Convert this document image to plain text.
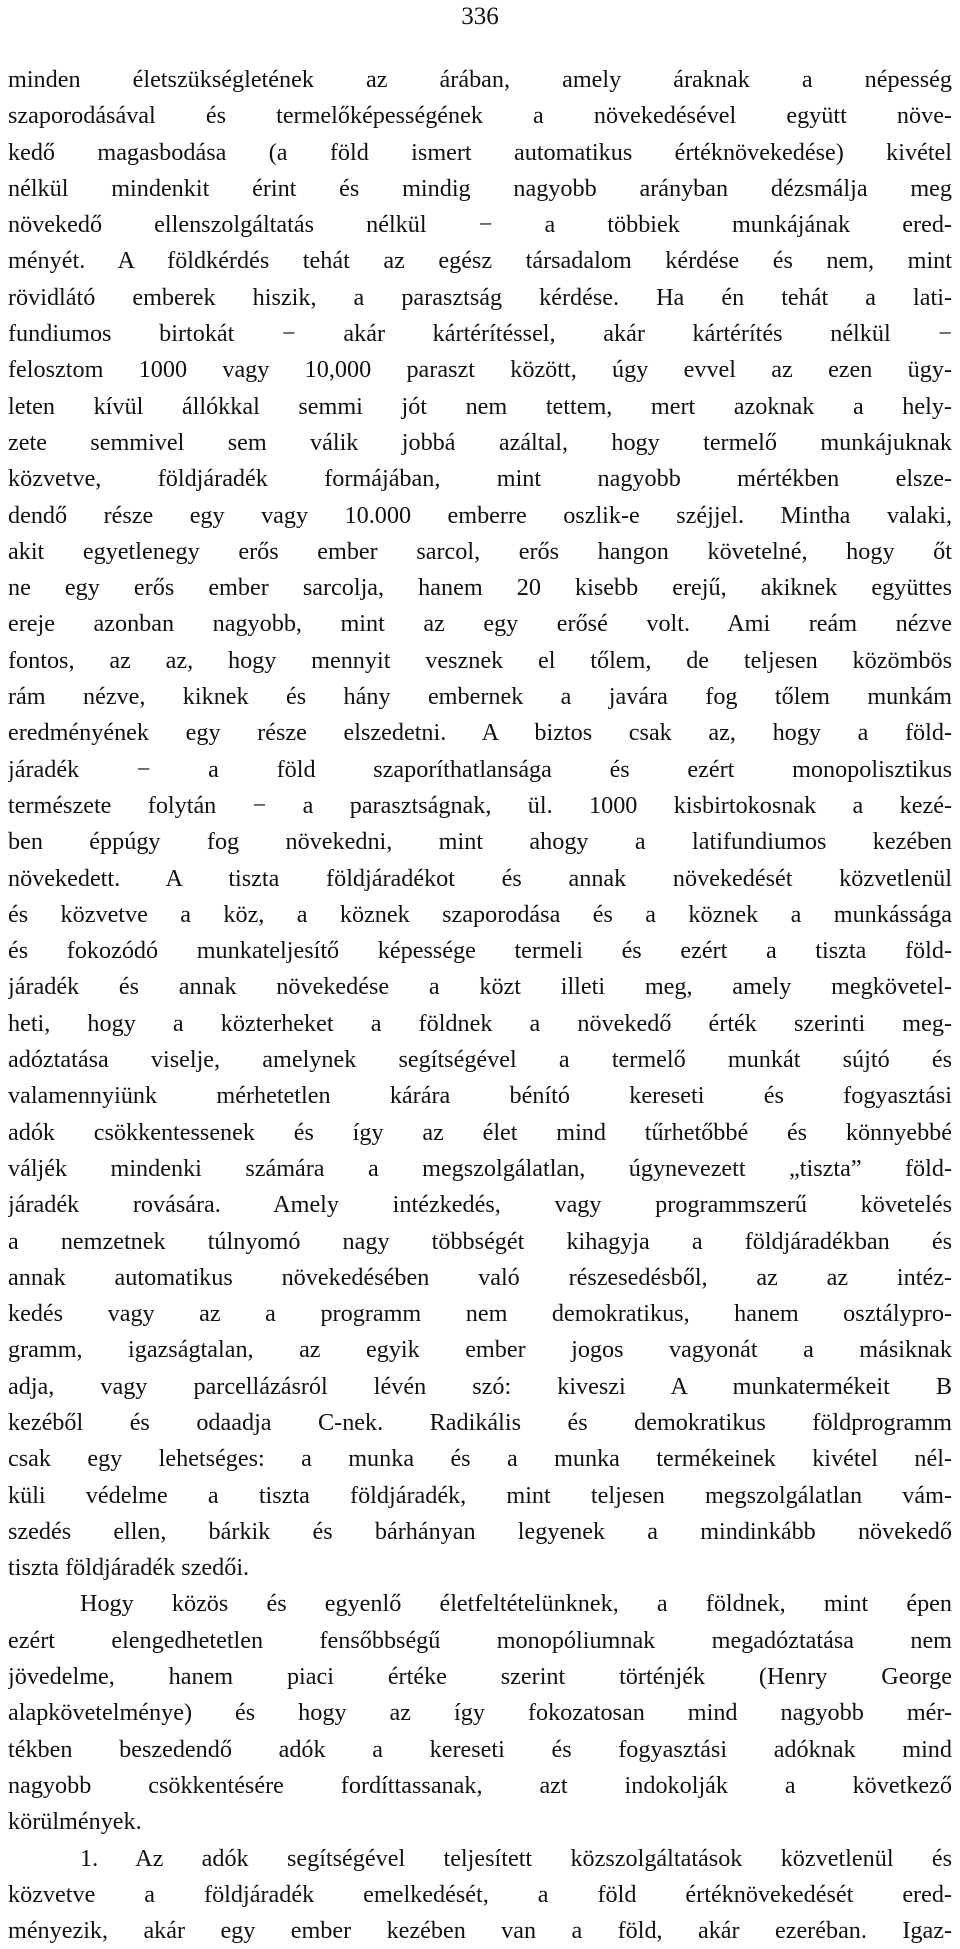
336
minden életszükségletének az árában, amely áraknak a népesség
szaporodásával és termelőképességének a növekedésével együtt növe-
kedő magasbodása (a föld ismert automatikus értéknövekedése) kivétel
nélkül mindenkit érint és mindig nagyobb arányban dézsmálja meg
növekedő ellenszolgáltatás nélkül − a többiek munkájának ered-
ményét. A földkérdés tehát az egész társadalom kérdése és nem, mint
rövidlátó emberek hiszik, a parasztság kérdése. Ha én tehát a lati-
fundiumos birtokát − akár kártérítéssel, akár kártérítés nélkül −
felosztom 1000 vagy 10,000 paraszt között, úgy evvel az ezen ügy-
leten kívül állókkal semmi jót nem tettem, mert azoknak a hely-
zete semmivel sem válik jobbá azáltal, hogy termelő munkájuknak
közvetve, földjáradék formájában, mint nagyobb mértékben elsze-
dendő része egy vagy 10.000 emberre oszlik-e széjjel. Mintha valaki,
akit egyetlenegy erős ember sarcol, erős hangon követelné, hogy őt
ne egy erős ember sarcolja, hanem 20 kisebb erejű, akiknek együttes
ereje azonban nagyobb, mint az egy erősé volt. Ami reám nézve
fontos, az az, hogy mennyit vesznek el tőlem, de teljesen közömbös
rám nézve, kiknek és hány embernek a javára fog tőlem munkám
eredményének egy része elszedetni. A biztos csak az, hogy a föld-
járadék − a föld szaporíthatlansága és ezért monopolisztikus
természete folytán − a parasztságnak, ül. 1000 kisbirtokosnak a kezé-
ben éppúgy fog növekedni, mint ahogy a latifundiumos kezében
növekedett. A tiszta földjáradékot és annak növekedését közvetlenül
és közvetve a köz, a köznek szaporodása és a köznek a munkássága
és fokozódó munkateljesítő képessége termeli és ezért a tiszta föld-
járadék és annak növekedése a közt illeti meg, amely megkövetel-
heti, hogy a közterheket a földnek a növekedő érték szerinti meg-
adóztatása viselje, amelynek segítségével a termelő munkát sújtó és
valamennyiünk mérhetetlen kárára bénító kereseti és fogyasztási
adók csökkentessenek és így az élet mind tűrhetőbbé és könnyebbé
váljék mindenki számára a megszolgálatlan, úgynevezett „tiszta” föld-
járadék rovására. Amely intézkedés, vagy programmszerű követelés
a nemzetnek túlnyomó nagy többségét kihagyja a földjáradékban és
annak automatikus növekedésében való részesedésből, az az intéz-
kedés vagy az a programm nem demokratikus, hanem osztálypro-
gramm, igazságtalan, az egyik ember jogos vagyonát a másiknak
adja, vagy parcellázásról lévén szó: kiveszi A munkatermékeit B
kezéből és odaadja C-nek. Radikális és demokratikus földprogramm
csak egy lehetséges: a munka és a munka termékeinek kivétel nél-
küli védelme a tiszta földjáradék, mint teljesen megszolgálatlan vám-
szedés ellen, bárkik és bárhányan legyenek a mindinkább növekedő
tiszta földjáradék szedői.
Hogy közös és egyenlő életfeltételünknek, a földnek, mint épen
ezért elengedhetetlen fensőbbségű monopóliumnak megadóztatása nem
jövedelme, hanem piaci értéke szerint történjék (Henry George
alapkövetelménye) és hogy az így fokozatosan mind nagyobb mér-
tékben beszedendő adók a kereseti és fogyasztási adóknak mind
nagyobb csökkentésére fordíttassanak, azt indokolják a következő
körülmények.
1. Az adók segítségével teljesített közszolgáltatások közvetlenül és
közvetve a földjáradék emelkedését, a föld értéknövekedését ered-
ményezik, akár egy ember kezében van a föld, akár ezeréban. Igaz-
